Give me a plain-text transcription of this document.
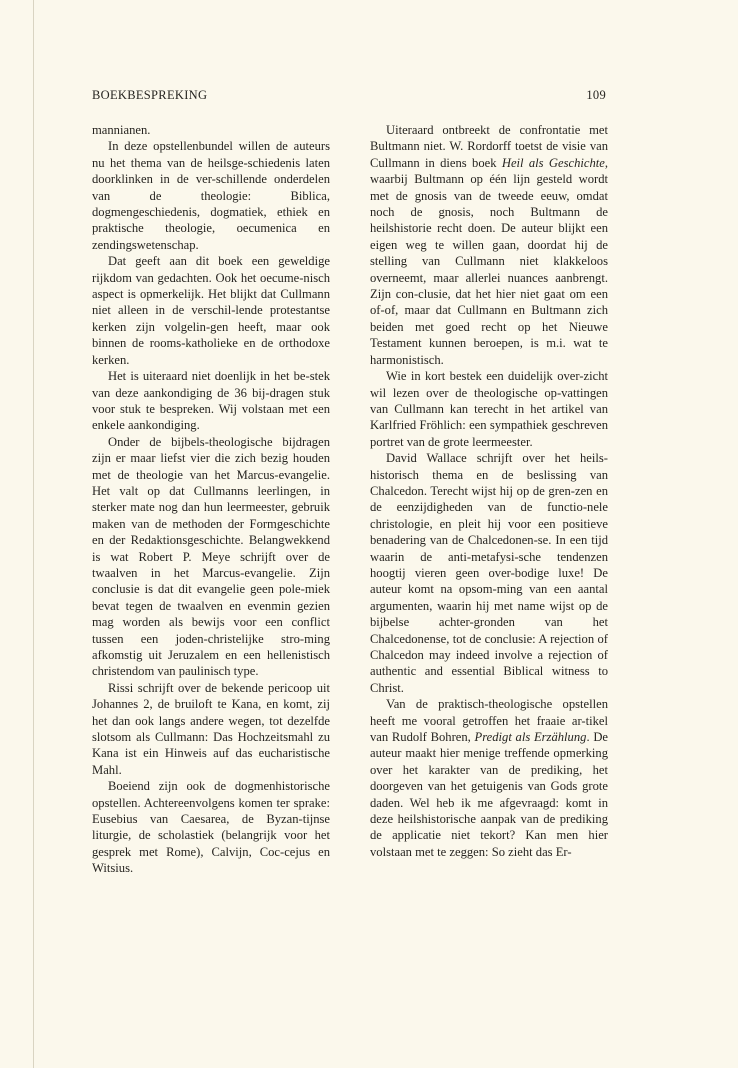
BOEKBESPREKING	109

mannianen.

In deze opstellenbundel willen de auteurs nu het thema van de heilsge-schiedenis laten doorklinken in de ver-schillende onderdelen van de theologie: Biblica, dogmengeschiedenis, dogmatiek, ethiek en praktische theologie, oecumenica en zendingswetenschap.

Dat geeft aan dit boek een geweldige rijkdom van gedachten. Ook het oecume-nisch aspect is opmerkelijk. Het blijkt dat Cullmann niet alleen in de verschil-lende protestantse kerken zijn volgelin-gen heeft, maar ook binnen de rooms-katholieke en de orthodoxe kerken.

Het is uiteraard niet doenlijk in het be-stek van deze aankondiging de 36 bij-dragen stuk voor stuk te bespreken. Wij volstaan met een enkele aankondiging.

Onder de bijbels-theologische bijdragen zijn er maar liefst vier die zich bezig houden met de theologie van het Marcus-evangelie. Het valt op dat Cullmanns leerlingen, in sterker mate nog dan hun leermeester, gebruik maken van de methoden der Formgeschichte en der Redaktionsgeschichte. Belangwekkend is wat Robert P. Meye schrijft over de twaalven in het Marcus-evangelie. Zijn conclusie is dat dit evangelie geen pole-miek bevat tegen de twaalven en evenmin gezien mag worden als bewijs voor een conflict tussen een joden-christelijke stro-ming afkomstig uit Jeruzalem en een hellenistisch christendom van paulinisch type.

Rissi schrijft over de bekende pericoop uit Johannes 2, de bruiloft te Kana, en komt, zij het dan ook langs andere wegen, tot dezelfde slotsom als Cullmann: Das Hochzeitsmahl zu Kana ist ein Hinweis auf das eucharistische Mahl.

Boeiend zijn ook de dogmenhistorische opstellen. Achtereenvolgens komen ter sprake: Eusebius van Caesarea, de Byzan-tijnse liturgie, de scholastiek (belangrijk voor het gesprek met Rome), Calvijn, Coc-cejus en Witsius.

Uiteraard ontbreekt de confrontatie met Bultmann niet. W. Rordorff toetst de visie van Cullmann in diens boek Heil als Geschichte, waarbij Bultmann op één lijn gesteld wordt met de gnosis van de tweede eeuw, omdat noch de gnosis, noch Bultmann de heilshistorie recht doen. De auteur blijkt een eigen weg te willen gaan, doordat hij de stelling van Cullmann niet klakkeloos overneemt, maar allerlei nuances aanbrengt. Zijn con-clusie, dat het hier niet gaat om een of-of, maar dat Cullmann en Bultmann zich beiden met goed recht op het Nieuwe Testament kunnen beroepen, is m.i. wat te harmonistisch.

Wie in kort bestek een duidelijk over-zicht wil lezen over de theologische op-vattingen van Cullmann kan terecht in het artikel van Karlfried Fröhlich: een sympathiek geschreven portret van de grote leermeester.

David Wallace schrijft over het heils-historisch thema en de beslissing van Chalcedon. Terecht wijst hij op de gren-zen en de eenzijdigheden van de functio-nele christologie, en pleit hij voor een positieve benadering van de Chalcedonen-se. In een tijd waarin de anti-metafysi-sche tendenzen hoogtij vieren geen over-bodige luxe! De auteur komt na opsom-ming van een aantal argumenten, waarin hij met name wijst op de bijbelse achter-gronden van het Chalcedonense, tot de conclusie: A rejection of Chalcedon may indeed involve a rejection of authentic and essential Biblical witness to Christ.

Van de praktisch-theologische opstellen heeft me vooral getroffen het fraaie ar-tikel van Rudolf Bohren, Predigt als Erzählung. De auteur maakt hier menige treffende opmerking over het karakter van de prediking, het doorgeven van het getuigenis van Gods grote daden. Wel heb ik me afgevraagd: komt in deze heilshistorische aanpak van de prediking de applicatie niet tekort? Kan men hier volstaan met te zeggen: So zieht das Er-
